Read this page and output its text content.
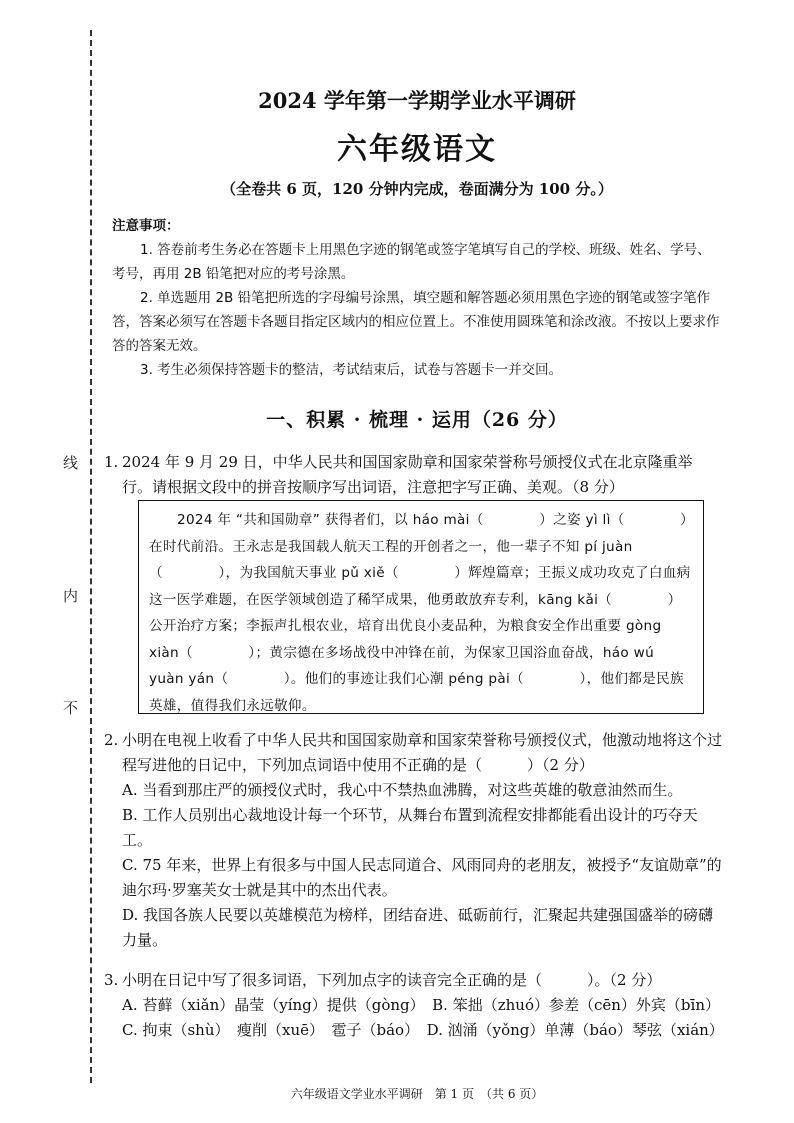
线
内
不
2024 学年第一学期学业水平调研
六年级语文
（全卷共 6 页，120 分钟内完成，卷面满分为 100 分。）
注意事项：

1. 答卷前考生务必在答题卡上用黑色字迹的钢笔或签字笔填写自己的学校、班级、姓名、学号、考号，再用 2B 铅笔把对应的考号涂黑。

2. 单选题用 2B 铅笔把所选的字母编号涂黑，填空题和解答题必须用黑色字迹的钢笔或签字笔作答，答案必须写在答题卡各题目指定区域内的相应位置上。不准使用圆珠笔和涂改液。不按以上要求作答的答案无效。

3. 考生必须保持答题卡的整洁，考试结束后，试卷与答题卡一并交回。

一、积累 · 梳理 · 运用（26 分）
1. 2024 年 9 月 29 日，中华人民共和国国家勋章和国家荣誉称号颁授仪式在北京隆重举行。请根据文段中的拼音按顺序写出词语，注意把字写正确、美观。（8 分）

2024 年 “共和国勋章” 获得者们，以 háo mài（　　　　）之姿 yì lì（　　　　）在时代前沿。王永志是我国载人航天工程的开创者之一，他一辈子不知 pí juàn（　　　　），为我国航天事业 pǔ xiě（　　　　）辉煌篇章；王振义成功攻克了白血病这一医学难题，在医学领域创造了稀罕成果，他勇敢放弃专利，kāng kǎi（　　　　）公开治疗方案；李振声扎根农业，培育出优良小麦品种，为粮食安全作出重要 gòng xiàn（　　　　）；黄宗德在多场战役中冲锋在前，为保家卫国浴血奋战，háo wú yuàn yán（　　　　）。他们的事迹让我们心潮 péng pài（　　　　），他们都是民族英雄，值得我们永远敬仰。

2. 小明在电视上收看了中华人民共和国国家勋章和国家荣誉称号颁授仪式，他激动地将这个过程写进他的日记中，下列加点词语中使用不正确的是（　　　）（2 分）
A. 当看到那庄严的颁授仪式时，我心中不禁热血沸腾，对这些英雄的敬意油然而生。
B. 工作人员别出心裁地设计每一个环节，从舞台布置到流程安排都能看出设计的巧夺天工。
C. 75 年来，世界上有很多与中国人民志同道合、风雨同舟的老朋友，被授予“友谊勋章”的迪尔玛·罗塞芙女士就是其中的杰出代表。
D. 我国各族人民要以英雄模范为榜样，团结奋进、砥砺前行，汇聚起共建强国盛举的磅礴力量。
3. 小明在日记中写了很多词语，下列加点字的读音完全正确的是（　　　）。（2 分）
A. 苔藓（xiǎn）晶莹（yíng）提供（gòng）　B. 笨拙（zhuó）参差（cēn）外宾（bīn）
C. 拘束（shù）　瘦削（xuē）　雹子（báo）　D. 汹涌（yǒng）单薄（báo）琴弦（xián）
六年级语文学业水平调研　第 1 页　（共 6 页）
